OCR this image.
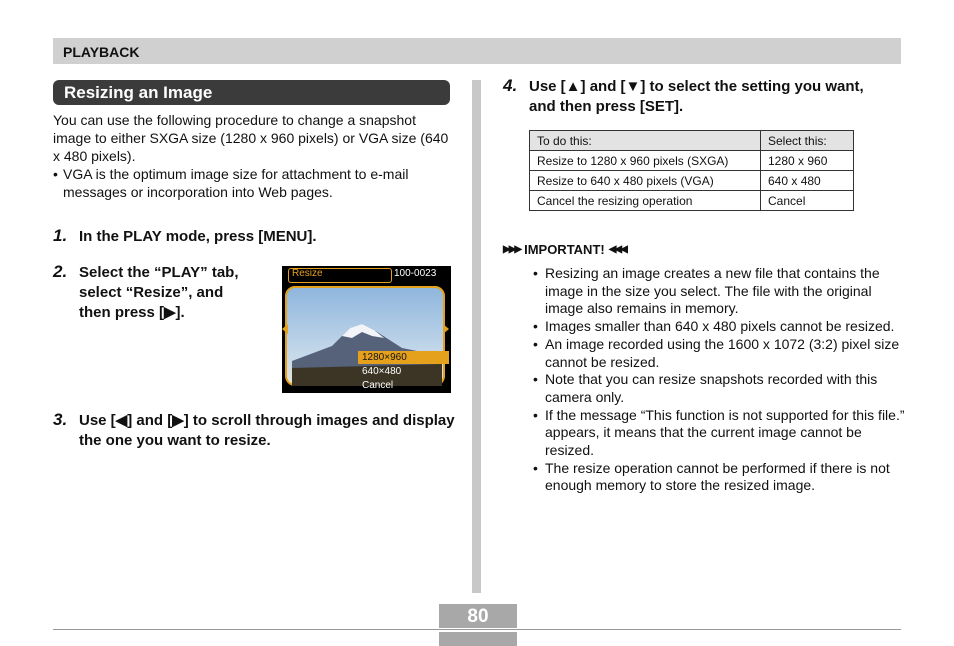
PLAYBACK
Resizing an Image

You can use the following procedure to change a snapshot image to either SXGA size (1280 x 960 pixels) or VGA size (640 x 480 pixels).

• VGA is the optimum image size for attachment to e-mail messages or incorporation into Web pages.
1. In the PLAY mode, press [MENU].
2. Select the “PLAY” tab, select “Resize”, and then press [▶].
Resize	100-0023
1280×960
640×480
Cancel
3. Use [◀] and [▶] to scroll through images and display the one you want to resize.
4. Use [▲] and [▼] to select the setting you want, and then press [SET].
To do this:	Select this:
Resize to 1280 x 960 pixels (SXGA)	1280 x 960
Resize to 640 x 480 pixels (VGA)	640 x 480
Cancel the resizing operation	Cancel
▶▶▶ IMPORTANT! ◀◀◀
• Resizing an image creates a new file that contains the image in the size you select. The file with the original image also remains in memory.
• Images smaller than 640 x 480 pixels cannot be resized.
• An image recorded using the 1600 x 1072 (3:2) pixel size cannot be resized.
• Note that you can resize snapshots recorded with this camera only.
• If the message “This function is not supported for this file.” appears, it means that the current image cannot be resized.
• The resize operation cannot be performed if there is not enough memory to store the resized image.
80
